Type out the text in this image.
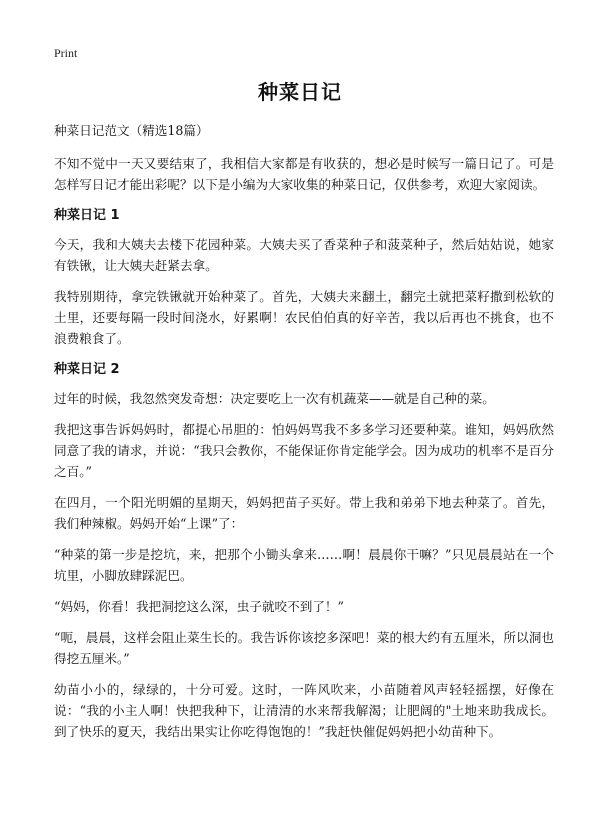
Print
种菜日记

种菜日记范文（精选18篇）

不知不觉中一天又要结束了，我相信大家都是有收获的，想必是时候写一篇日记了。可是怎样写日记才能出彩呢？以下是小编为大家收集的种菜日记，仅供参考，欢迎大家阅读。

种菜日记 1

今天，我和大姨夫去楼下花园种菜。大姨夫买了香菜种子和菠菜种子，然后姑姑说，她家有铁锹，让大姨夫赶紧去拿。

我特别期待，拿完铁锹就开始种菜了。首先，大姨夫来翻土，翻完土就把菜籽撒到松软的土里，还要每隔一段时间浇水，好累啊！农民伯伯真的好辛苦，我以后再也不挑食，也不浪费粮食了。

种菜日记 2

过年的时候，我忽然突发奇想：决定要吃上一次有机蔬菜——就是自己种的菜。

我把这事告诉妈妈时，都提心吊胆的：怕妈妈骂我不多多学习还要种菜。谁知，妈妈欣然同意了我的请求，并说：“我只会教你，不能保证你肯定能学会。因为成功的机率不是百分之百。”

在四月，一个阳光明媚的星期天，妈妈把苗子买好。带上我和弟弟下地去种菜了。首先，我们种辣椒。妈妈开始“上课”了：

“种菜的第一步是挖坑，来，把那个小锄头拿来……啊！晨晨你干嘛？”只见晨晨站在一个坑里，小脚放肆踩泥巴。

“妈妈，你看！我把洞挖这么深，虫子就咬不到了！”

“呃，晨晨，这样会阻止菜生长的。我告诉你该挖多深吧！菜的根大约有五厘米，所以洞也得挖五厘米。”

幼苗小小的，绿绿的，十分可爱。这时，一阵风吹来，小苗随着风声轻轻摇摆，好像在说：“我的小主人啊！快把我种下，让清清的水来帮我解渴；让肥阔的"土地来助我成长。到了快乐的夏天，我结出果实让你吃得饱饱的！”我赶快催促妈妈把小幼苗种下。
